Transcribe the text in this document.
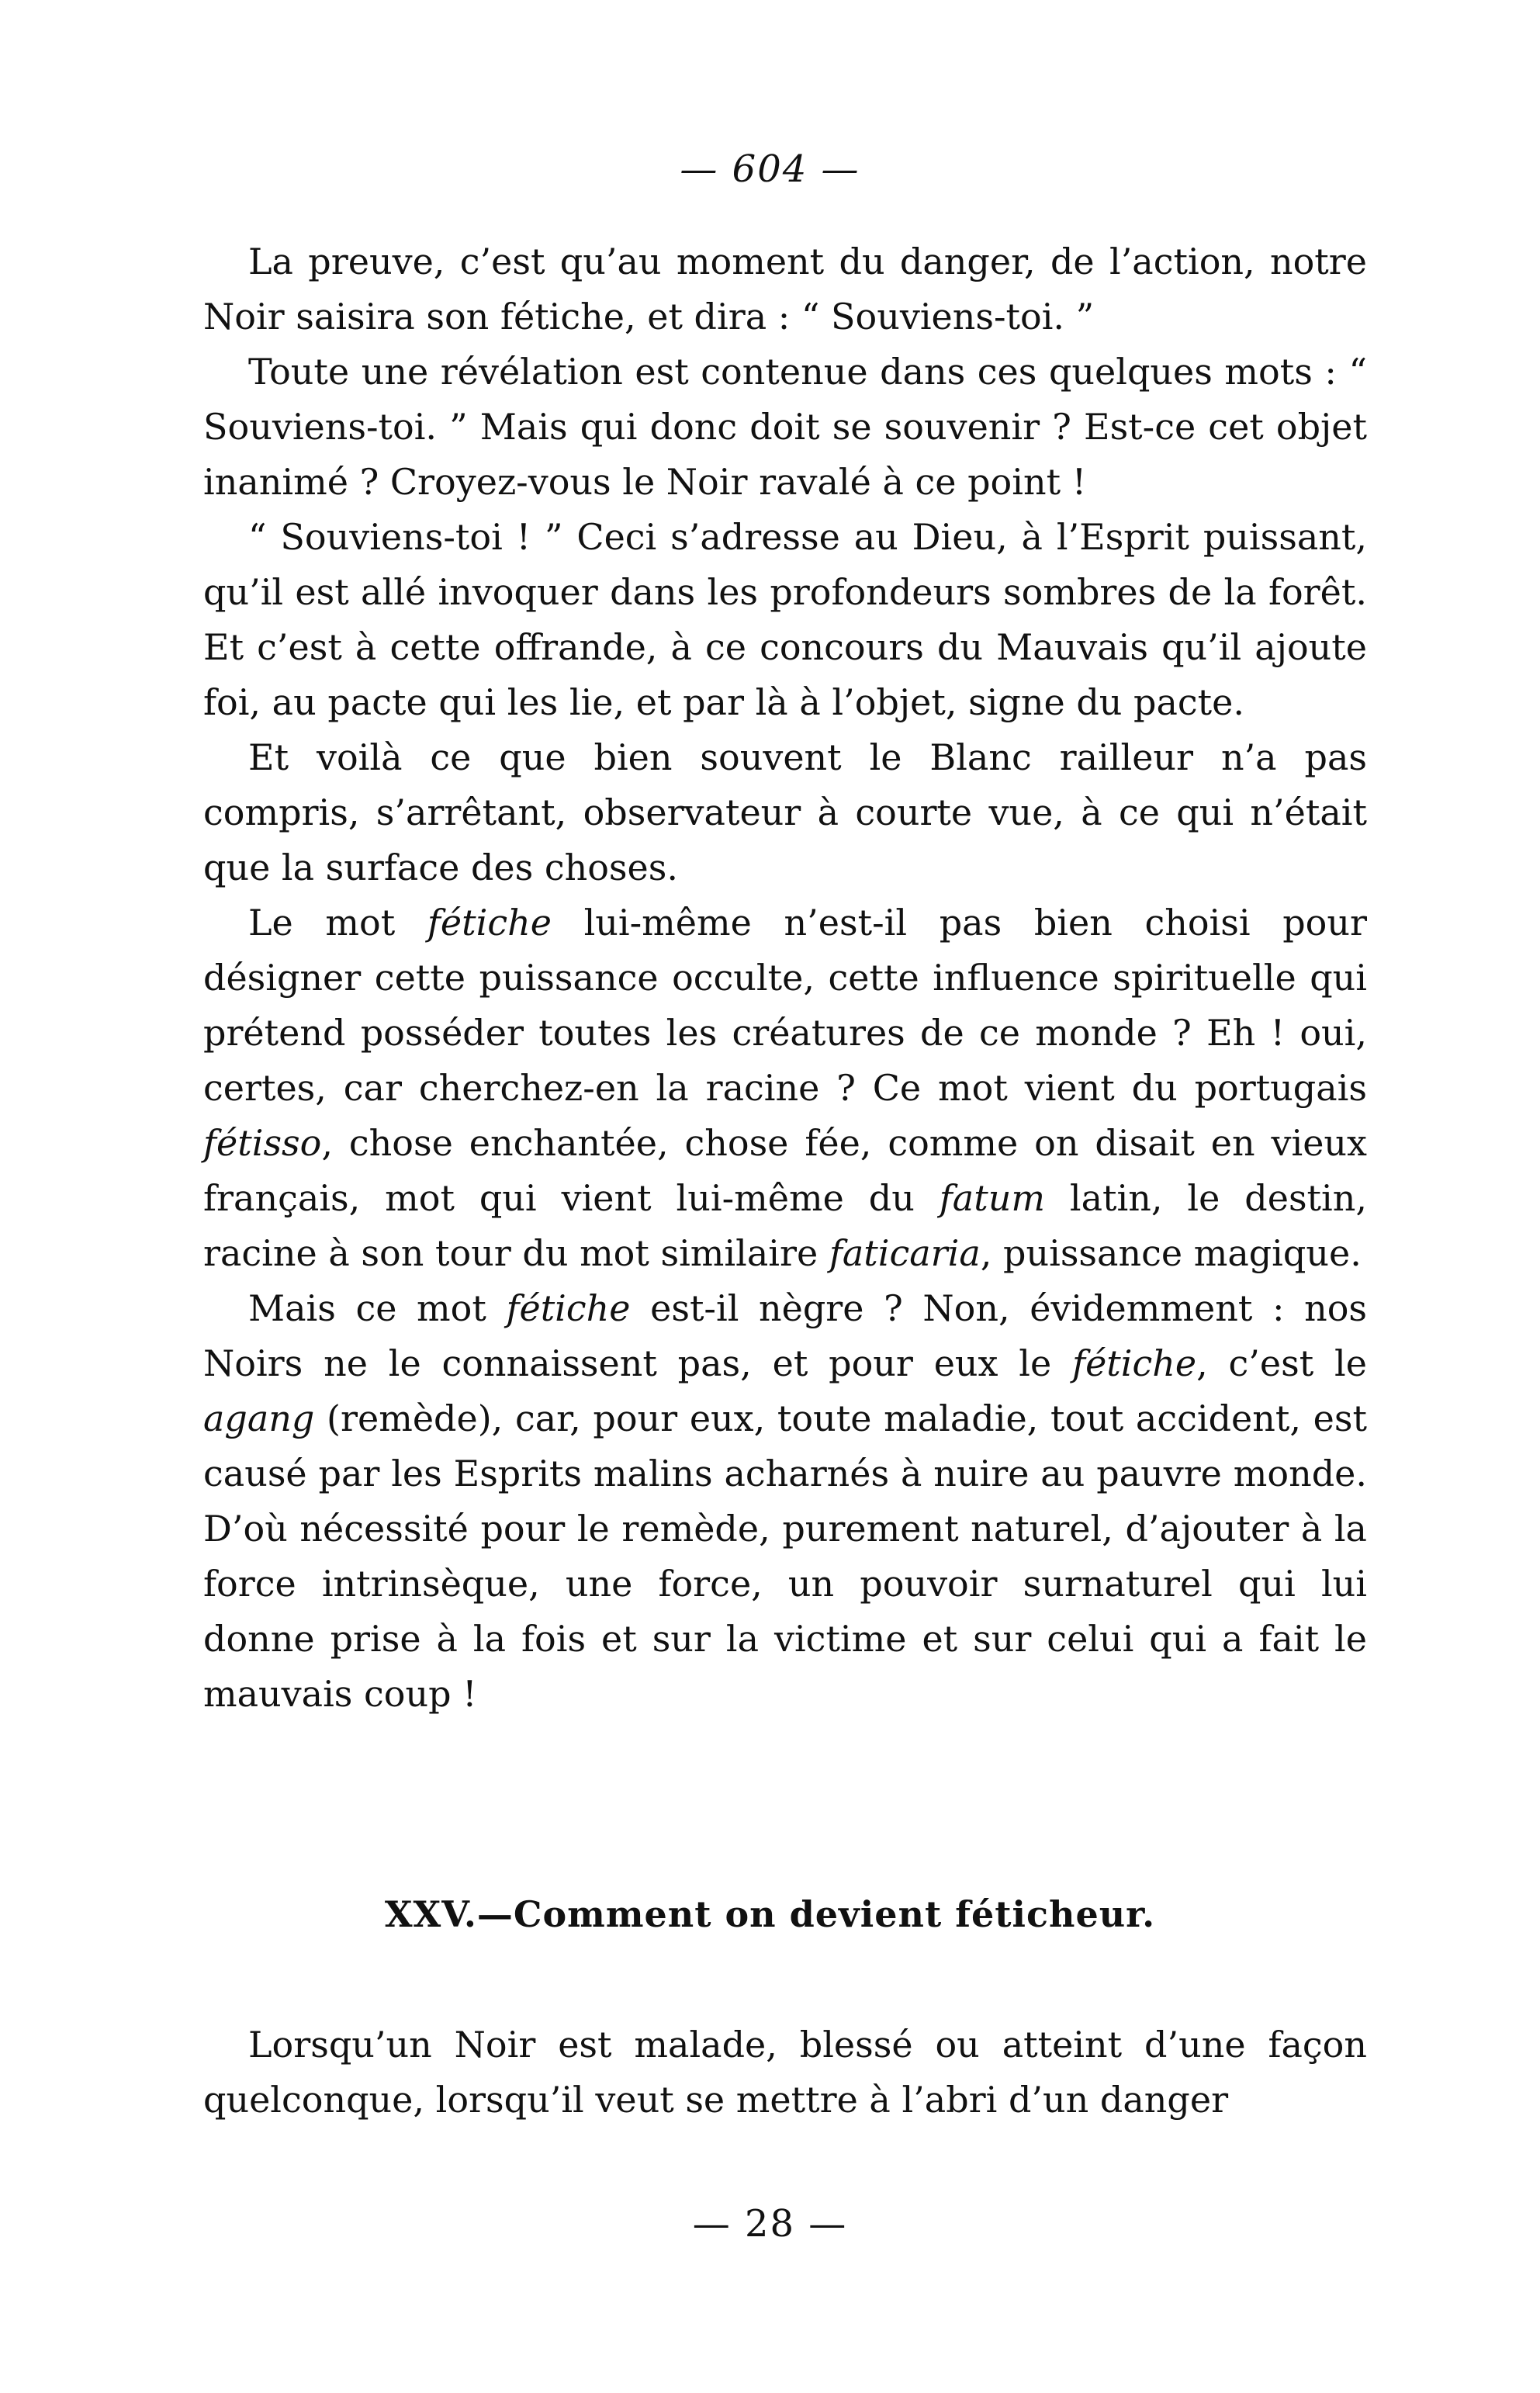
— 604 —

La preuve, c’est qu’au moment du danger, de l’action, notre Noir saisira son fétiche, et dira : “ Souviens-toi. ”

Toute une révélation est contenue dans ces quelques mots : “ Souviens-toi. ” Mais qui donc doit se souvenir ? Est-ce cet objet inanimé ? Croyez-vous le Noir ravalé à ce point !

“ Souviens-toi ! ” Ceci s’adresse au Dieu, à l’Esprit puissant, qu’il est allé invoquer dans les profondeurs sombres de la forêt. Et c’est à cette offrande, à ce concours du Mauvais qu’il ajoute foi, au pacte qui les lie, et par là à l’objet, signe du pacte.

Et voilà ce que bien souvent le Blanc railleur n’a pas compris, s’arrêtant, observateur à courte vue, à ce qui n’était que la surface des choses.

Le mot fétiche lui-même n’est-il pas bien choisi pour désigner cette puissance occulte, cette influence spirituelle qui prétend posséder toutes les créatures de ce monde ? Eh ! oui, certes, car cherchez-en la racine ? Ce mot vient du portugais fétisso, chose enchantée, chose fée, comme on disait en vieux français, mot qui vient lui-même du fatum latin, le destin, racine à son tour du mot similaire faticaria, puissance magique.

Mais ce mot fétiche est-il nègre ? Non, évidemment : nos Noirs ne le connaissent pas, et pour eux le fétiche, c’est le agang (remède), car, pour eux, toute maladie, tout accident, est causé par les Esprits malins acharnés à nuire au pauvre monde. D’où nécessité pour le remède, purement naturel, d’ajouter à la force intrinsèque, une force, un pouvoir surnaturel qui lui donne prise à la fois et sur la victime et sur celui qui a fait le mauvais coup !

XXV.—Comment on devient féticheur.

Lorsqu’un Noir est malade, blessé ou atteint d’une façon quelconque, lorsqu’il veut se mettre à l’abri d’un danger

— 28 —
